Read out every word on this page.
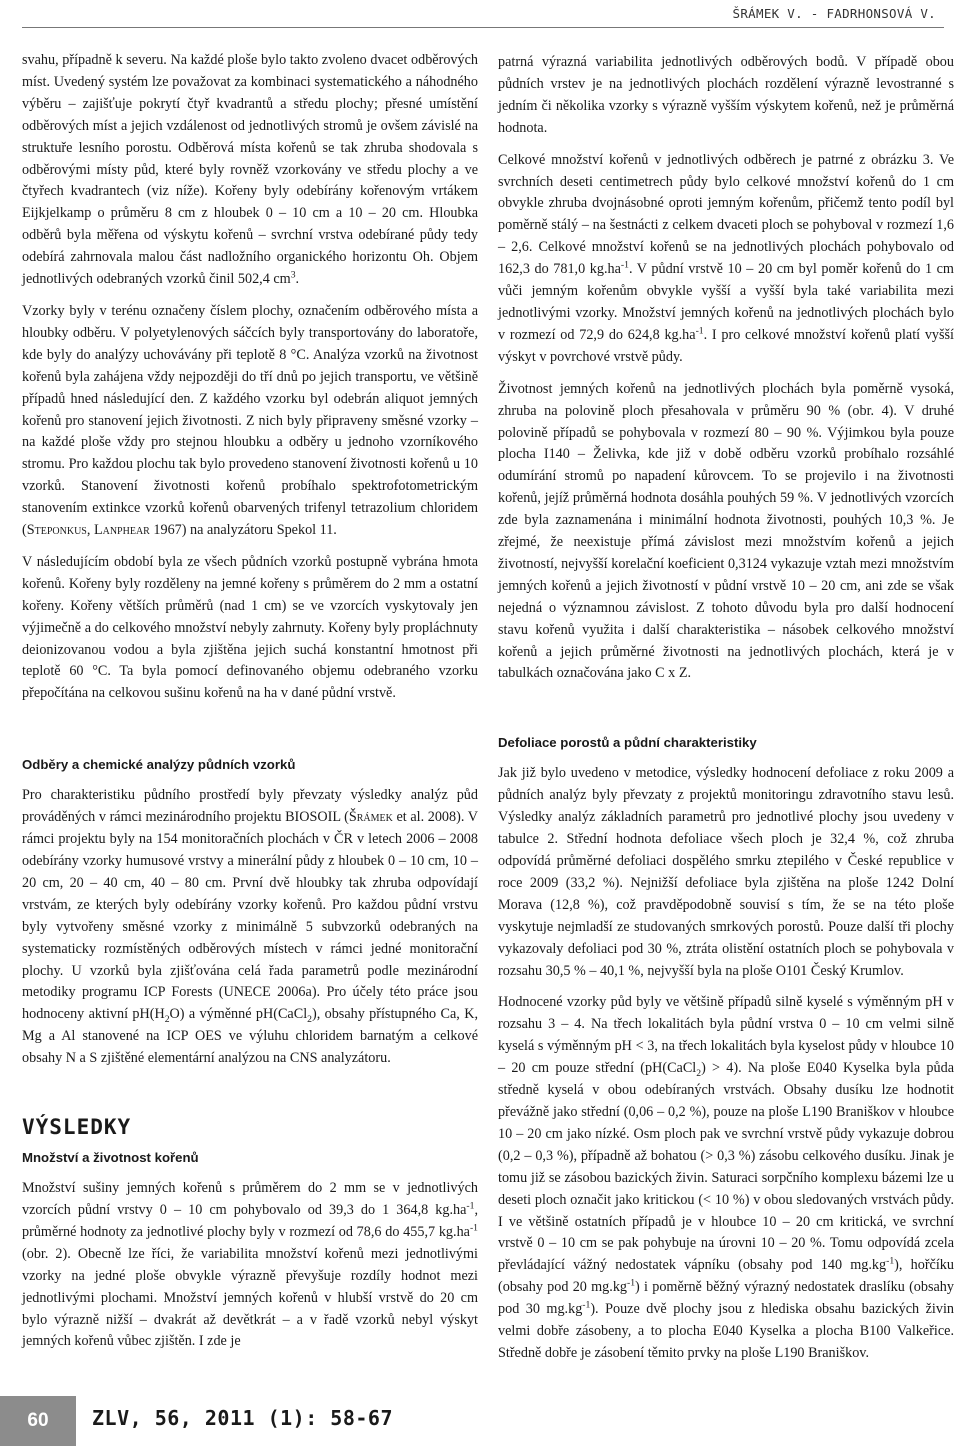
ŠRÁMEK V. - FADRHONSOVÁ V.

svahu, případně k severu. Na každé ploše bylo takto zvoleno dvacet odběrových míst. Uvedený systém lze považovat za kombinaci systematického a náhodného výběru – zajišťuje pokrytí čtyř kvadrantů a středu plochy; přesné umístění odběrových míst a jejich vzdálenost od jednotlivých stromů je ovšem závislé na struktuře lesního porostu. Odběrová místa kořenů se tak zhruba shodovala s odběrovými místy půd, které byly rovněž vzorkovány ve středu plochy a ve čtyřech kvadrantech (viz níže). Kořeny byly odebírány kořenovým vrtákem Eijkjelkamp o průměru 8 cm z hloubek 0 – 10 cm a 10 – 20 cm. Hloubka odběrů byla měřena od výskytu kořenů – svrchní vrstva odebírané půdy tedy odebírá zahrnovala malou část nadložního organického horizontu Oh. Objem jednotlivých odebraných vzorků činil 502,4 $cm^3$.

Vzorky byly v terénu označeny číslem plochy, označením odběrového místa a hloubky odběru. V polyetylenových sáčcích byly transportovány do laboratoře, kde byly do analýzy uchovávány při teplotě 8 °C. Analýza vzorků na životnost kořenů byla zahájena vždy nejpozději do tří dnů po jejich transportu, ve většině případů hned následující den. Z každého vzorku byl odebrán aliquot jemných kořenů pro stanovení jejich životnosti. Z nich byly připraveny směsné vzorky – na každé ploše vždy pro stejnou hloubku a odběry u jednoho vzorníkového stromu. Pro každou plochu tak bylo provedeno stanovení životnosti kořenů u 10 vzorků. Stanovení životnosti kořenů probíhalo spektrofotometrickým stanovením extinkce vzorků kořenů obarvených trifenyl tetrazolium chloridem (Steponkus, Lanphear 1967) na analyzátoru Spekol 11.

V následujícím období byla ze všech půdních vzorků postupně vybrána hmota kořenů. Kořeny byly rozděleny na jemné kořeny s průměrem do 2 mm a ostatní kořeny. Kořeny větších průměrů (nad 1 cm) se ve vzorcích vyskytovaly jen výjimečně a do celkového množství nebyly zahrnuty. Kořeny byly propláchnuty deionizovanou vodou a byla zjištěna jejich suchá konstantní hmotnost při teplotě 60 °C. Ta byla pomocí definovaného objemu odebraného vzorku přepočítána na celkovou sušinu kořenů na ha v dané půdní vrstvě.

Odběry a chemické analýzy půdních vzorků

Pro charakteristiku půdního prostředí byly převzaty výsledky analýz půd prováděných v rámci mezinárodního projektu BIOSOIL (Šrámek et al. 2008). V rámci projektu byly na 154 monitoračních plochách v ČR v letech 2006 – 2008 odebírány vzorky humusové vrstvy a minerální půdy z hloubek 0 – 10 cm, 10 – 20 cm, 20 – 40 cm, 40 – 80 cm. První dvě hloubky tak zhruba odpovídají vrstvám, ze kterých byly odebírány vzorky kořenů. Pro každou půdní vrstvu byly vytvořeny směsné vzorky z minimálně 5 subvzorků odebraných na systematicky rozmístěných odběrových místech v rámci jedné monitorační plochy. U vzorků byla zjišťována celá řada parametrů podle mezinárodní metodiky programu ICP Forests (UNECE 2006a). Pro účely této práce jsou hodnoceny aktivní $pH(H_2O)$ a výměnné pH(CaCl$_2$), obsahy přístupného Ca, K, Mg a Al stanovené na ICP OES ve výluhu chloridem barnatým a celkové obsahy N a S zjištěné elementární analýzou na CNS analyzátoru.

VÝSLEDKY

Množství a životnost kořenů

Množství sušiny jemných kořenů s průměrem do 2 mm se v jednotlivých vzorcích půdní vrstvy 0 – 10 cm pohybovalo od 39,3 do 1 364,8 $kg.ha^{-1}$, průměrné hodnoty za jednotlivé plochy byly v rozmezí od 78,6 do 455,7 $kg.ha^{-1}$ (obr. 2). Obecně lze říci, že variabilita množství kořenů mezi jednotlivými vzorky na jedné ploše obvykle výrazně převyšuje rozdíly hodnot mezi jednotlivými plochami. Množství jemných kořenů v hlubší vrstvě do 20 cm bylo výrazně nižší – dvakrát až devětkrát – a v řadě vzorků nebyl výskyt jemných kořenů vůbec zjištěn. I zde je

patrná výrazná variabilita jednotlivých odběrových bodů. V případě obou půdních vrstev je na jednotlivých plochách rozdělení výrazně levostranné s jedním či několika vzorky s výrazně vyšším výskytem kořenů, než je průměrná hodnota.

Celkové množství kořenů v jednotlivých odběrech je patrné z obrázku 3. Ve svrchních deseti centimetrech půdy bylo celkové množství kořenů do 1 cm obvykle zhruba dvojnásobné oproti jemným kořenům, přičemž tento podíl byl poměrně stálý – na šestnácti z celkem dvaceti ploch se pohyboval v rozmezí 1,6 – 2,6. Celkové množství kořenů se na jednotlivých plochách pohybovalo od 162,3 do 781,0 $kg.ha^{-1}$. V půdní vrstvě 10 – 20 cm byl poměr kořenů do 1 cm vůči jemným kořenům obvykle vyšší a vyšší byla také variabilita mezi jednotlivými vzorky. Množství jemných kořenů na jednotlivých plochách bylo v rozmezí od 72,9 do 624,8 $kg.ha^{-1}$. I pro celkové množství kořenů platí vyšší výskyt v povrchové vrstvě půdy.

Životnost jemných kořenů na jednotlivých plochách byla poměrně vysoká, zhruba na polovině ploch přesahovala v průměru 90 % (obr. 4). V druhé polovině případů se pohybovala v rozmezí 80 – 90 %. Výjimkou byla pouze plocha I140 – Želivka, kde již v době odběru vzorků probíhalo rozsáhlé odumírání stromů po napadení kůrovcem. To se projevilo i na životnosti kořenů, jejíž průměrná hodnota dosáhla pouhých 59 %. V jednotlivých vzorcích zde byla zaznamenána i minimální hodnota životnosti, pouhých 10,3 %. Je zřejmé, že neexistuje přímá závislost mezi množstvím kořenů a jejich životností, nejvyšší korelační koeficient 0,3124 vykazuje vztah mezi množstvím jemných kořenů a jejich životností v půdní vrstvě 10 – 20 cm, ani zde se však nejedná o významnou závislost. Z tohoto důvodu byla pro další hodnocení stavu kořenů využita i další charakteristika – násobek celkového množství kořenů a jejich průměrné životnosti na jednotlivých plochách, která je v tabulkách označována jako C x Z.

Defoliace porostů a půdní charakteristiky

Jak již bylo uvedeno v metodice, výsledky hodnocení defoliace z roku 2009 a půdních analýz byly převzaty z projektů monitoringu zdravotního stavu lesů. Výsledky analýz základních parametrů pro jednotlivé plochy jsou uvedeny v tabulce 2. Střední hodnota defoliace všech ploch je 32,4 %, což zhruba odpovídá průměrné defoliaci dospělého smrku ztepilého v České republice v roce 2009 (33,2 %). Nejnižší defoliace byla zjištěna na ploše 1242 Dolní Morava (12,8 %), což pravděpodobně souvisí s tím, že se na této ploše vyskytuje nejmladší ze studovaných smrkových porostů. Pouze další tři plochy vykazovaly defoliaci pod 30 %, ztráta olistění ostatních ploch se pohybovala v rozsahu 30,5 % – 40,1 %, nejvyšší byla na ploše O101 Český Krumlov.

Hodnocené vzorky půd byly ve většině případů silně kyselé s výměnným pH v rozsahu 3 – 4. Na třech lokalitách byla půdní vrstva 0 – 10 cm velmi silně kyselá s výměnným pH < 3, na třech lokalitách byla kyselost půdy v hloubce 10 – 20 cm pouze střední (pH(CaCl$_2$) > 4). Na ploše E040 Kyselka byla půda středně kyselá v obou odebíraných vrstvách. Obsahy dusíku lze hodnotit převážně jako střední (0,06 – 0,2 %), pouze na ploše L190 Braniškov v hloubce 10 – 20 cm jako nízké. Osm ploch pak ve svrchní vrstvě půdy vykazuje dobrou (0,2 – 0,3 %), případně až bohatou (> 0,3 %) zásobu celkového dusíku. Jinak je tomu již se zásobou bazických živin. Saturaci sorpčního komplexu bázemi lze u deseti ploch označit jako kritickou (< 10 %) v obou sledovaných vrstvách půdy. I ve většině ostatních případů je v hloubce 10 – 20 cm kritická, ve svrchní vrstvě 0 – 10 cm se pak pohybuje na úrovni 10 – 20 %. Tomu odpovídá zcela převládající vážný nedostatek vápníku (obsahy pod 140 $mg.kg^{-1}$), hořčíku (obsahy pod 20 $mg.kg^{-1}$) i poměrně běžný výrazný nedostatek draslíku (obsahy pod 30 $mg.kg^{-1}$). Pouze dvě plochy jsou z hlediska obsahu bazických živin velmi dobře zásobeny, a to plocha E040 Kyselka a plocha B100 Valkeřice. Středně dobře je zásobení těmito prvky na ploše L190 Braniškov.

60	ZLV, 56, 2011 (1): 58-67
